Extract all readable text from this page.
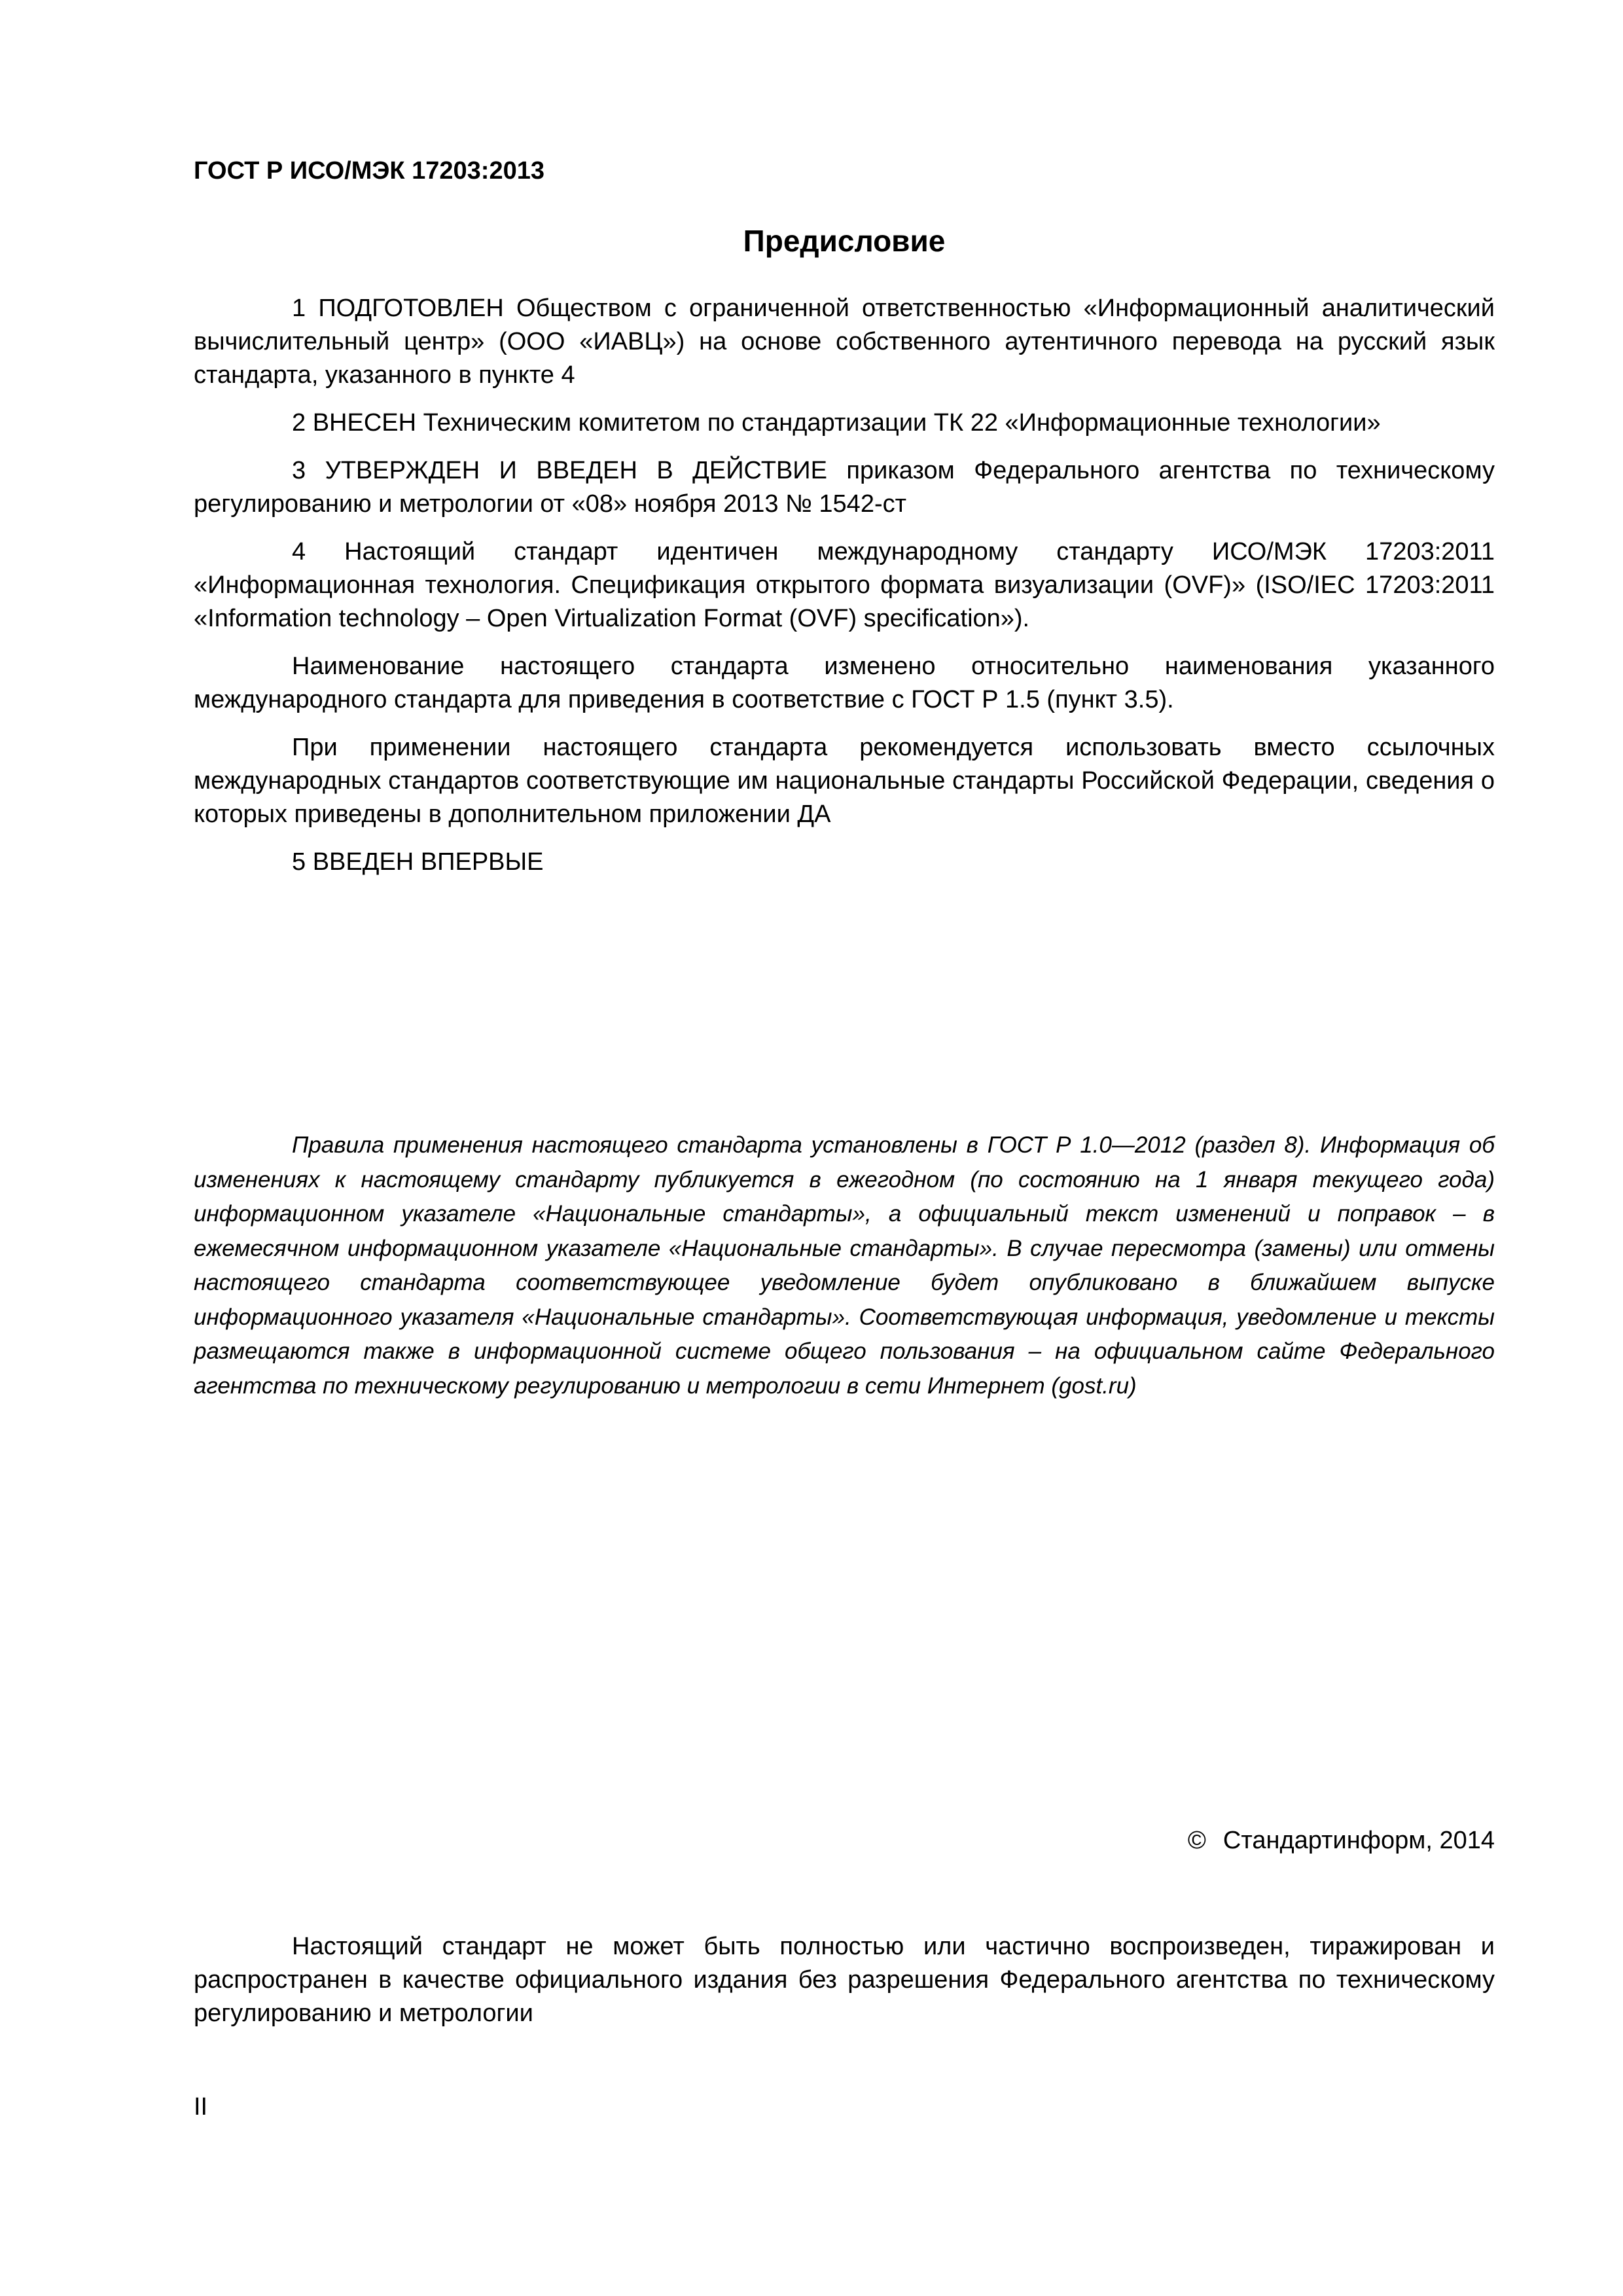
ГОСТ Р ИСО/МЭК 17203:2013

Предисловие

1 ПОДГОТОВЛЕН Обществом с ограниченной ответственностью «Информационный аналитический вычислительный центр» (ООО «ИАВЦ») на основе собственного аутентичного перевода на русский язык стандарта, указанного в пункте 4

2 ВНЕСЕН Техническим комитетом по стандартизации ТК 22 «Информационные технологии»

3 УТВЕРЖДЕН И ВВЕДЕН В ДЕЙСТВИЕ приказом Федерального агентства по техническому регулированию и метрологии от «08» ноября 2013 № 1542-ст

4 Настоящий стандарт идентичен международному стандарту ИСО/МЭК 17203:2011 «Информационная технология. Спецификация открытого формата визуализации (OVF)» (ISO/IEC 17203:2011 «Information technology – Open Virtualization Format (OVF) specification»).

Наименование настоящего стандарта изменено относительно наименования указанного международного стандарта для приведения в соответствие с ГОСТ Р 1.5 (пункт 3.5).

При применении настоящего стандарта рекомендуется использовать вместо ссылочных международных стандартов соответствующие им национальные стандарты Российской Федерации, сведения о которых приведены в дополнительном приложении ДА

5 ВВЕДЕН ВПЕРВЫЕ

Правила применения настоящего стандарта установлены в ГОСТ Р 1.0—2012 (раздел 8). Информация об изменениях к настоящему стандарту публикуется в ежегодном (по состоянию на 1 января текущего года) информационном указателе «Национальные стандарты», а официальный текст изменений и поправок – в ежемесячном информационном указателе «Национальные стандарты». В случае пересмотра (замены) или отмены настоящего стандарта соответствующее уведомление будет опубликовано в ближайшем выпуске информационного указателя «Национальные стандарты». Соответствующая информация, уведомление и тексты размещаются также в информационной системе общего пользования – на официальном сайте Федерального агентства по техническому регулированию и метрологии в сети Интернет (gost.ru)

© Стандартинформ, 2014

Настоящий стандарт не может быть полностью или частично воспроизведен, тиражирован и распространен в качестве официального издания без разрешения Федерального агентства по техническому регулированию и метрологии

II
